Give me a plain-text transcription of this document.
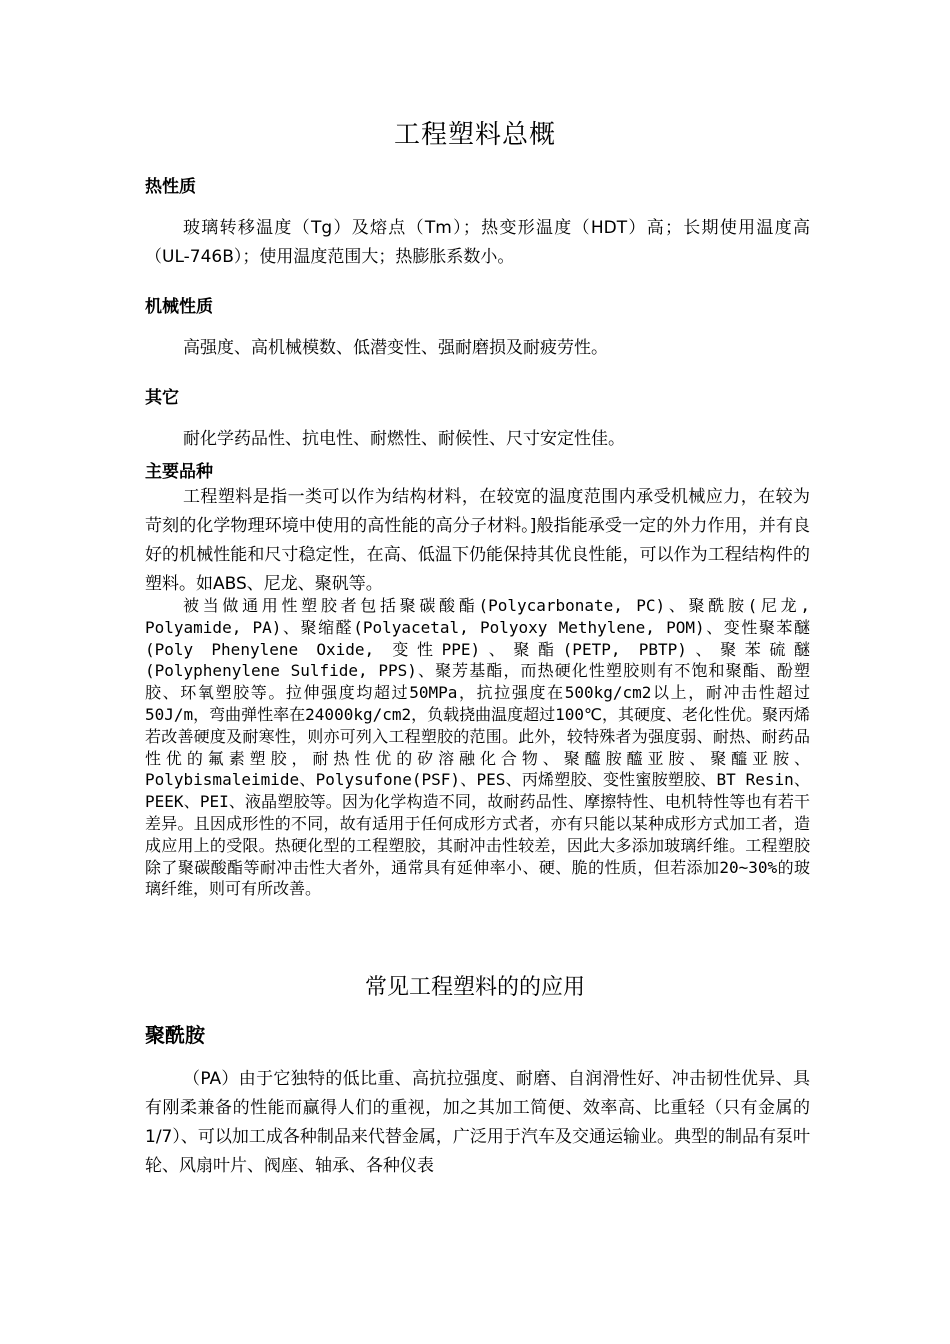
工程塑料总概
热性质

玻璃转移温度（Tg）及熔点（Tm）；热变形温度（HDT）高；长期使用温度高（UL-746B）；使用温度范围大；热膨胀系数小。

机械性质

高强度、高机械模数、低潜变性、强耐磨损及耐疲劳性。

其它

耐化学药品性、抗电性、耐燃性、耐候性、尺寸安定性佳。

主要品种

工程塑料是指一类可以作为结构材料，在较宽的温度范围内承受机械应力，在较为苛刻的化学物理环境中使用的高性能的高分子材料。]般指能承受一定的外力作用，并有良好的机械性能和尺寸稳定性，在高、低温下仍能保持其优良性能，可以作为工程结构件的塑料。如ABS、尼龙、聚矾等。

被当做通用性塑胶者包括聚碳酸酯(Polycarbonate, PC)、聚酰胺(尼龙, Polyamide, PA)、聚缩醛(Polyacetal, Polyoxy Methylene, POM)、变性聚苯醚(Poly Phenylene Oxide, 变性PPE)、聚酯(PETP, PBTP)、聚苯硫醚(Polyphenylene Sulfide, PPS)、聚芳基酯，而热硬化性塑胶则有不饱和聚酯、酚塑胶、环氧塑胶等。拉伸强度均超过50MPa，抗拉强度在500kg/cm2以上，耐冲击性超过50J/m，弯曲弹性率在24000kg/cm2，负载挠曲温度超过100℃，其硬度、老化性优。聚丙烯若改善硬度及耐寒性，则亦可列入工程塑胶的范围。此外，较特殊者为强度弱、耐热、耐药品性优的氟素塑胶，耐热性优的矽溶融化合物、聚醯胺醯亚胺、聚醯亚胺、Polybismaleimide、Polysufone(PSF)、PES、丙烯塑胶、变性蜜胺塑胶、BT Resin、PEEK、PEI、液晶塑胶等。因为化学构造不同，故耐药品性、摩擦特性、电机特性等也有若干差异。且因成形性的不同，故有适用于任何成形方式者，亦有只能以某种成形方式加工者，造成应用上的受限。热硬化型的工程塑胶，其耐冲击性较差，因此大多添加玻璃纤维。工程塑胶除了聚碳酸酯等耐冲击性大者外，通常具有延伸率小、硬、脆的性质，但若添加20~30%的玻璃纤维，则可有所改善。

常见工程塑料的的应用
聚酰胺

（PA）由于它独特的低比重、高抗拉强度、耐磨、自润滑性好、冲击韧性优异、具有刚柔兼备的性能而赢得人们的重视，加之其加工简便、效率高、比重轻（只有金属的1/7）、可以加工成各种制品来代替金属，广泛用于汽车及交通运输业。典型的制品有泵叶轮、风扇叶片、阀座、轴承、各种仪表
